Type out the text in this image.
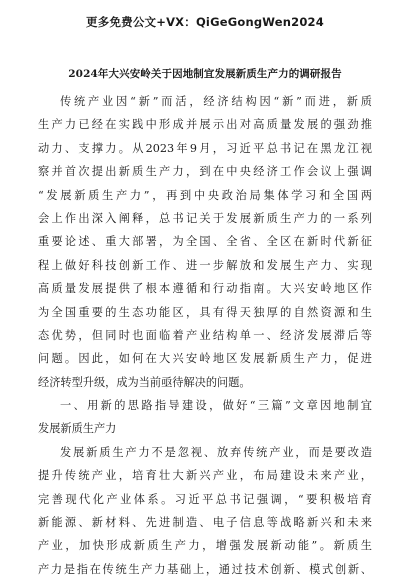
更多免费公文+VX：QiGeGongWen2024
2024年大兴安岭关于因地制宜发展新质生产力的调研报告
传统产业因“新”而活，经济结构因“新”而进，新质
生产力已经在实践中形成并展示出对高质量发展的强劲推
动力、支撑力。从2023年9月，习近平总书记在黑龙江视
察并首次提出新质生产力，到在中央经济工作会议上强调
“发展新质生产力”，再到中央政治局集体学习和全国两
会上作出深入阐释，总书记关于发展新质生产力的一系列
重要论述、重大部署，为全国、全省、全区在新时代新征
程上做好科技创新工作、进一步解放和发展生产力、实现
高质量发展提供了根本遵循和行动指南。大兴安岭地区作
为全国重要的生态功能区，具有得天独厚的自然资源和生
态优势，但同时也面临着产业结构单一、经济发展滞后等
问题。因此，如何在大兴安岭地区发展新质生产力，促进
经济转型升级，成为当前亟待解决的问题。
一、用新的思路指导建设，做好“三篇”文章因地制宜
发展新质生产力
发展新质生产力不是忽视、放弃传统产业，而是要改造
提升传统产业，培育壮大新兴产业，布局建设未来产业，
完善现代化产业体系。习近平总书记强调，“要积极培育
新能源、新材料、先进制造、电子信息等战略新兴和未来
产业，加快形成新质生产力，增强发展新动能”。新质生
产力是指在传统生产力基础上，通过技术创新、模式创新、
